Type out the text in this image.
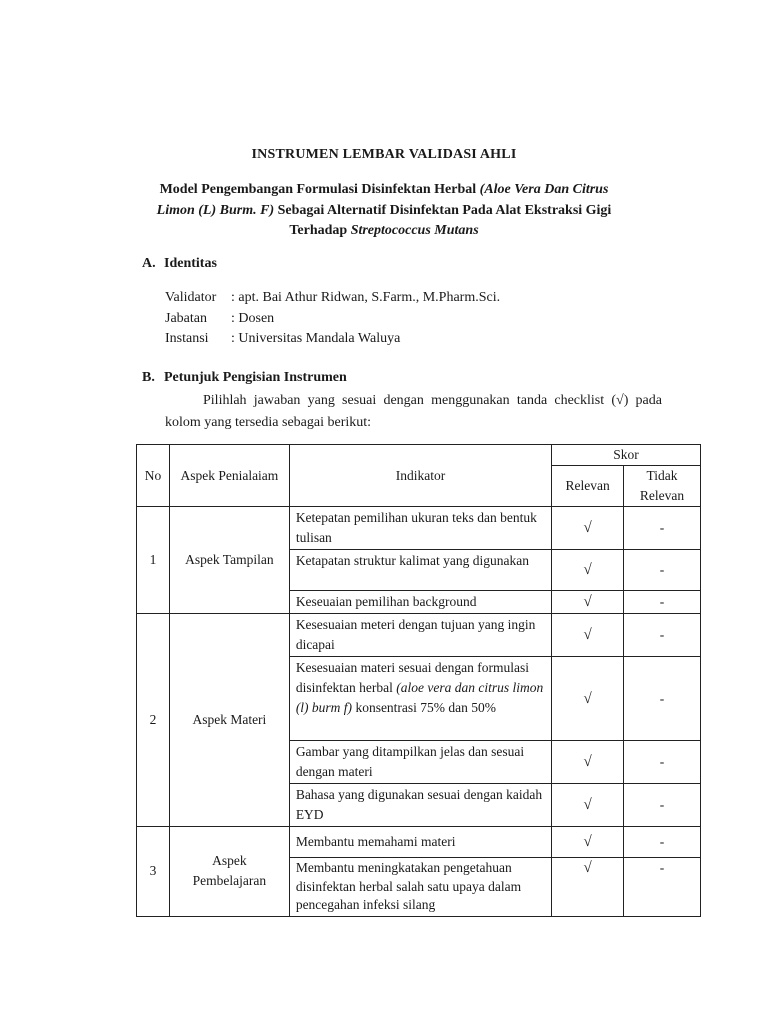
INSTRUMEN LEMBAR VALIDASI AHLI
Model Pengembangan Formulasi Disinfektan Herbal (Aloe Vera Dan Citrus Limon (L) Burm. F) Sebagai Alternatif Disinfektan Pada Alat Ekstraksi Gigi Terhadap Streptococcus Mutans
A. Identitas
Validator : apt. Bai Athur Ridwan, S.Farm., M.Pharm.Sci.
Jabatan : Dosen
Instansi : Universitas Mandala Waluya
B. Petunjuk Pengisian Instrumen
Pilihlah jawaban yang sesuai dengan menggunakan tanda checklist (√) pada
kolom yang tersedia sebagai berikut:
No	Aspek Penialaiam	Indikator	Skor	
			Relevan	Tidak Relevan
1	Aspek Tampilan	Ketepatan pemilihan ukuran teks dan bentuk tulisan	√	-
		Ketapatan struktur kalimat yang digunakan	√	-
		Keseuaian pemilihan background	√	-
2	Aspek Materi	Kesesuaian meteri dengan tujuan yang ingin dicapai	√	-
		Kesesuaian materi sesuai dengan formulasi disinfektan herbal (aloe vera dan citrus limon (l) burm f) konsentrasi 75% dan 50%	√	-
		Gambar yang ditampilkan jelas dan sesuai dengan materi	√	-
		Bahasa yang digunakan sesuai dengan kaidah EYD	√	-
3	Aspek Pembelajaran	Membantu memahami materi	√	-
		Membantu meningkatakan pengetahuan disinfektan herbal salah satu upaya dalam pencegahan infeksi silang	√	-
